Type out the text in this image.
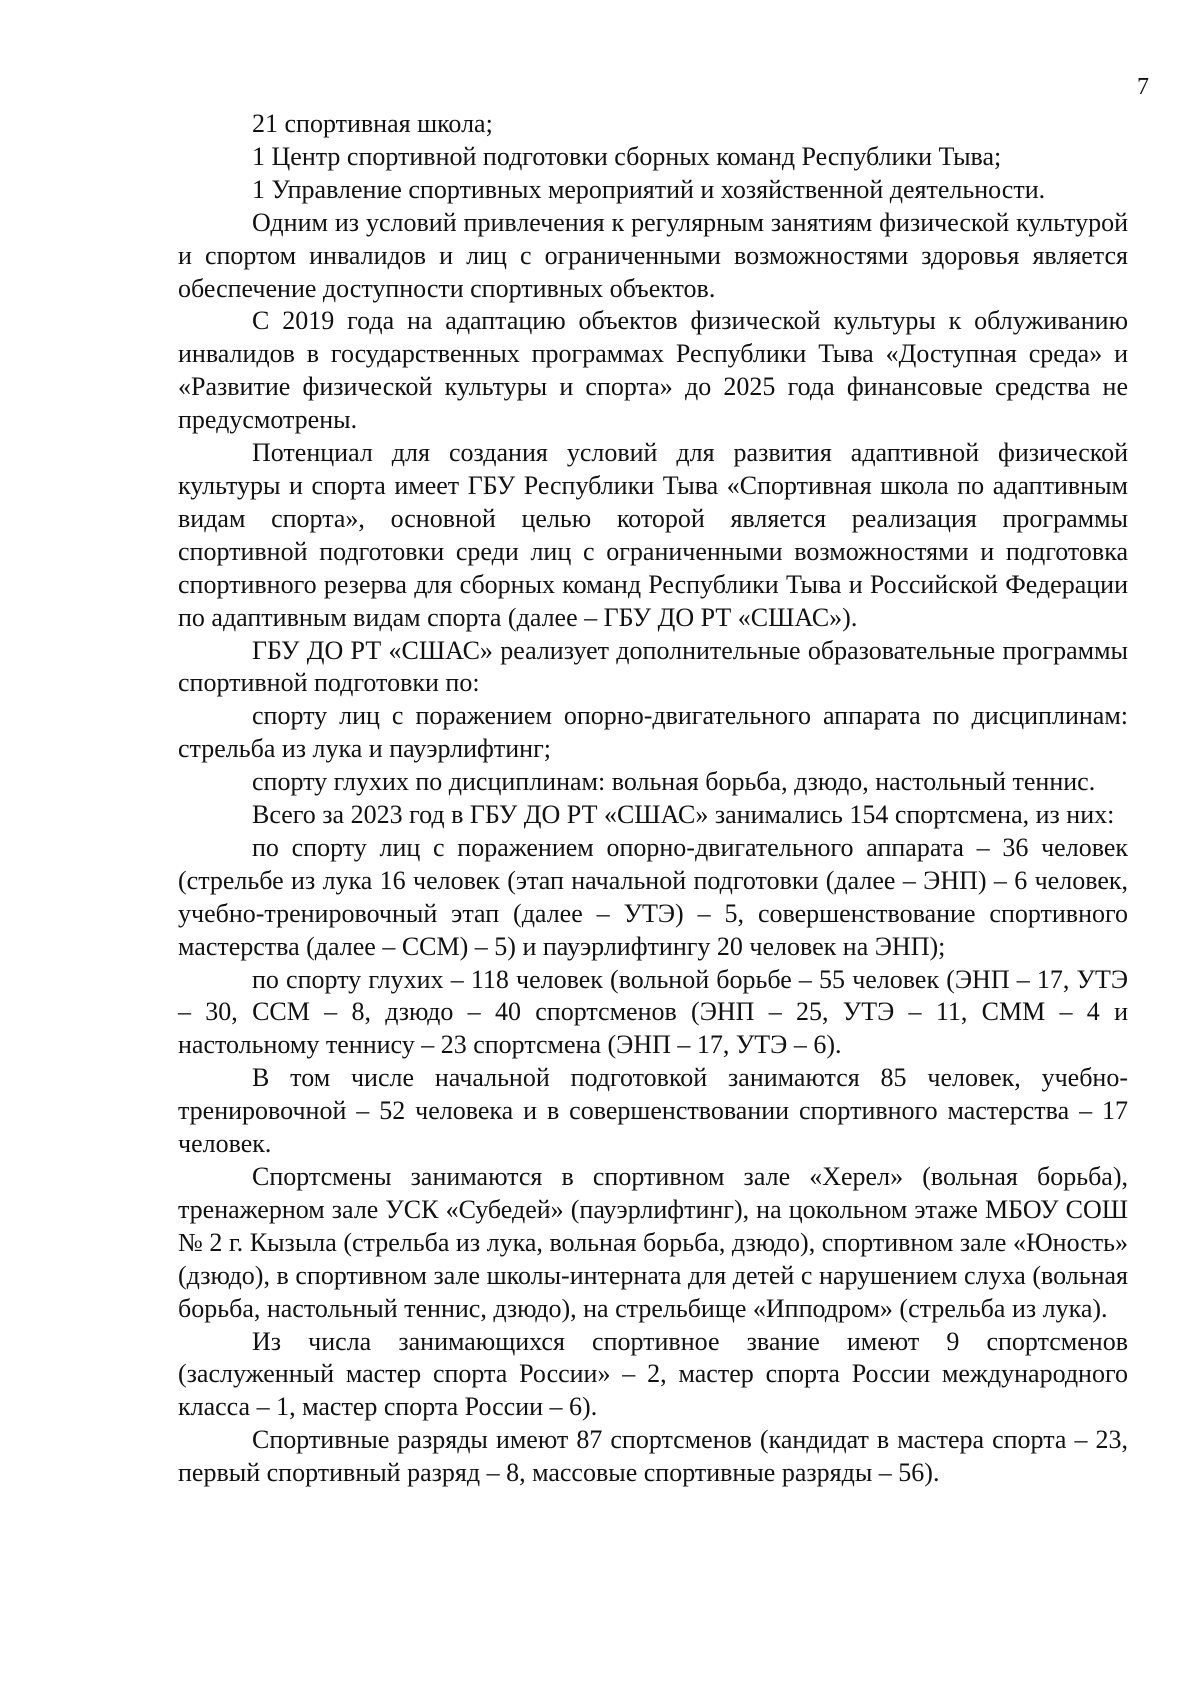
7

21 спортивная школа;

1 Центр спортивной подготовки сборных команд Республики Тыва;

1 Управление спортивных мероприятий и хозяйственной деятельности.

Одним из условий привлечения к регулярным занятиям физической культурой и спортом инвалидов и лиц с ограниченными возможностями здоровья является обеспечение доступности спортивных объектов.

С 2019 года на адаптацию объектов физической культуры к облуживанию инвалидов в государственных программах Республики Тыва «Доступная среда» и «Развитие физической культуры и спорта» до 2025 года финансовые средства не предусмотрены.

Потенциал для создания условий для развития адаптивной физической культуры и спорта имеет ГБУ Республики Тыва «Спортивная школа по адаптивным видам спорта», основной целью которой является реализация программы спортивной подготовки среди лиц с ограниченными возможностями и подготовка спортивного резерва для сборных команд Республики Тыва и Российской Федерации по адаптивным видам спорта (далее – ГБУ ДО РТ «СШАС»).

ГБУ ДО РТ «СШАС» реализует дополнительные образовательные программы спортивной подготовки по:

спорту лиц с поражением опорно-двигательного аппарата по дисциплинам: стрельба из лука и пауэрлифтинг;

спорту глухих по дисциплинам: вольная борьба, дзюдо, настольный теннис.

Всего за 2023 год в ГБУ ДО РТ «СШАС» занимались 154 спортсмена, из них:

по спорту лиц с поражением опорно-двигательного аппарата – 36 человек (стрельбе из лука 16 человек (этап начальной подготовки (далее – ЭНП) – 6 человек, учебно-тренировочный этап (далее – УТЭ) – 5, совершенствование спортивного мастерства (далее – ССМ) – 5) и пауэрлифтингу 20 человек на ЭНП);

по спорту глухих – 118 человек (вольной борьбе – 55 человек (ЭНП – 17, УТЭ – 30, ССМ – 8, дзюдо – 40 спортсменов (ЭНП – 25, УТЭ – 11, СММ – 4 и настольному теннису – 23 спортсмена (ЭНП – 17, УТЭ – 6).

В том числе начальной подготовкой занимаются 85 человек, учебно-тренировочной – 52 человека и в совершенствовании спортивного мастерства – 17 человек.

Спортсмены занимаются в спортивном зале «Херел» (вольная борьба), тренажерном зале УСК «Субедей» (пауэрлифтинг), на цокольном этаже МБОУ СОШ № 2 г. Кызыла (стрельба из лука, вольная борьба, дзюдо), спортивном зале «Юность» (дзюдо), в спортивном зале школы-интерната для детей с нарушением слуха (вольная борьба, настольный теннис, дзюдо), на стрельбище «Ипподром» (стрельба из лука).

Из числа занимающихся спортивное звание имеют 9 спортсменов (заслуженный мастер спорта России» – 2, мастер спорта России международного класса – 1, мастер спорта России – 6).

Спортивные разряды имеют 87 спортсменов (кандидат в мастера спорта – 23, первый спортивный разряд – 8, массовые спортивные разряды – 56).
